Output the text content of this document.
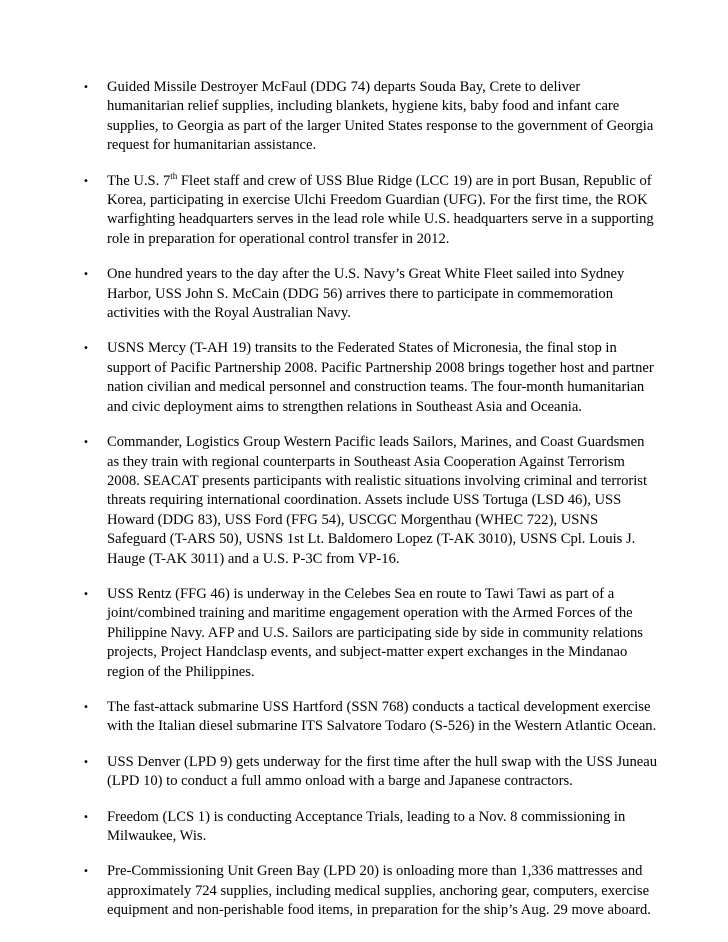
• Guided Missile Destroyer McFaul (DDG 74) departs Souda Bay, Crete to deliver humanitarian relief supplies, including blankets, hygiene kits, baby food and infant care supplies, to Georgia as part of the larger United States response to the government of Georgia request for humanitarian assistance.
• The U.S. 7th Fleet staff and crew of USS Blue Ridge (LCC 19) are in port Busan, Republic of Korea, participating in exercise Ulchi Freedom Guardian (UFG). For the first time, the ROK warfighting headquarters serves in the lead role while U.S. headquarters serve in a supporting role in preparation for operational control transfer in 2012.
• One hundred years to the day after the U.S. Navy’s Great White Fleet sailed into Sydney Harbor, USS John S. McCain (DDG 56) arrives there to participate in commemoration activities with the Royal Australian Navy.
• USNS Mercy (T-AH 19) transits to the Federated States of Micronesia, the final stop in support of Pacific Partnership 2008. Pacific Partnership 2008 brings together host and partner nation civilian and medical personnel and construction teams. The four-month humanitarian and civic deployment aims to strengthen relations in Southeast Asia and Oceania.
• Commander, Logistics Group Western Pacific leads Sailors, Marines, and Coast Guardsmen as they train with regional counterparts in Southeast Asia Cooperation Against Terrorism 2008. SEACAT presents participants with realistic situations involving criminal and terrorist threats requiring international coordination. Assets include USS Tortuga (LSD 46), USS Howard (DDG 83), USS Ford (FFG 54), USCGC Morgenthau (WHEC 722), USNS Safeguard (T-ARS 50), USNS 1st Lt. Baldomero Lopez (T-AK 3010), USNS Cpl. Louis J. Hauge (T-AK 3011) and a U.S. P-3C from VP-16.
• USS Rentz (FFG 46) is underway in the Celebes Sea en route to Tawi Tawi as part of a joint/combined training and maritime engagement operation with the Armed Forces of the Philippine Navy. AFP and U.S. Sailors are participating side by side in community relations projects, Project Handclasp events, and subject-matter expert exchanges in the Mindanao region of the Philippines.
• The fast-attack submarine USS Hartford (SSN 768) conducts a tactical development exercise with the Italian diesel submarine ITS Salvatore Todaro (S-526) in the Western Atlantic Ocean.
• USS Denver (LPD 9) gets underway for the first time after the hull swap with the USS Juneau (LPD 10) to conduct a full ammo onload with a barge and Japanese contractors.
• Freedom (LCS 1) is conducting Acceptance Trials, leading to a Nov. 8 commissioning in Milwaukee, Wis.
• Pre-Commissioning Unit Green Bay (LPD 20) is onloading more than 1,336 mattresses and approximately 724 supplies, including medical supplies, anchoring gear, computers, exercise equipment and non-perishable food items, in preparation for the ship’s Aug. 29 move aboard.
